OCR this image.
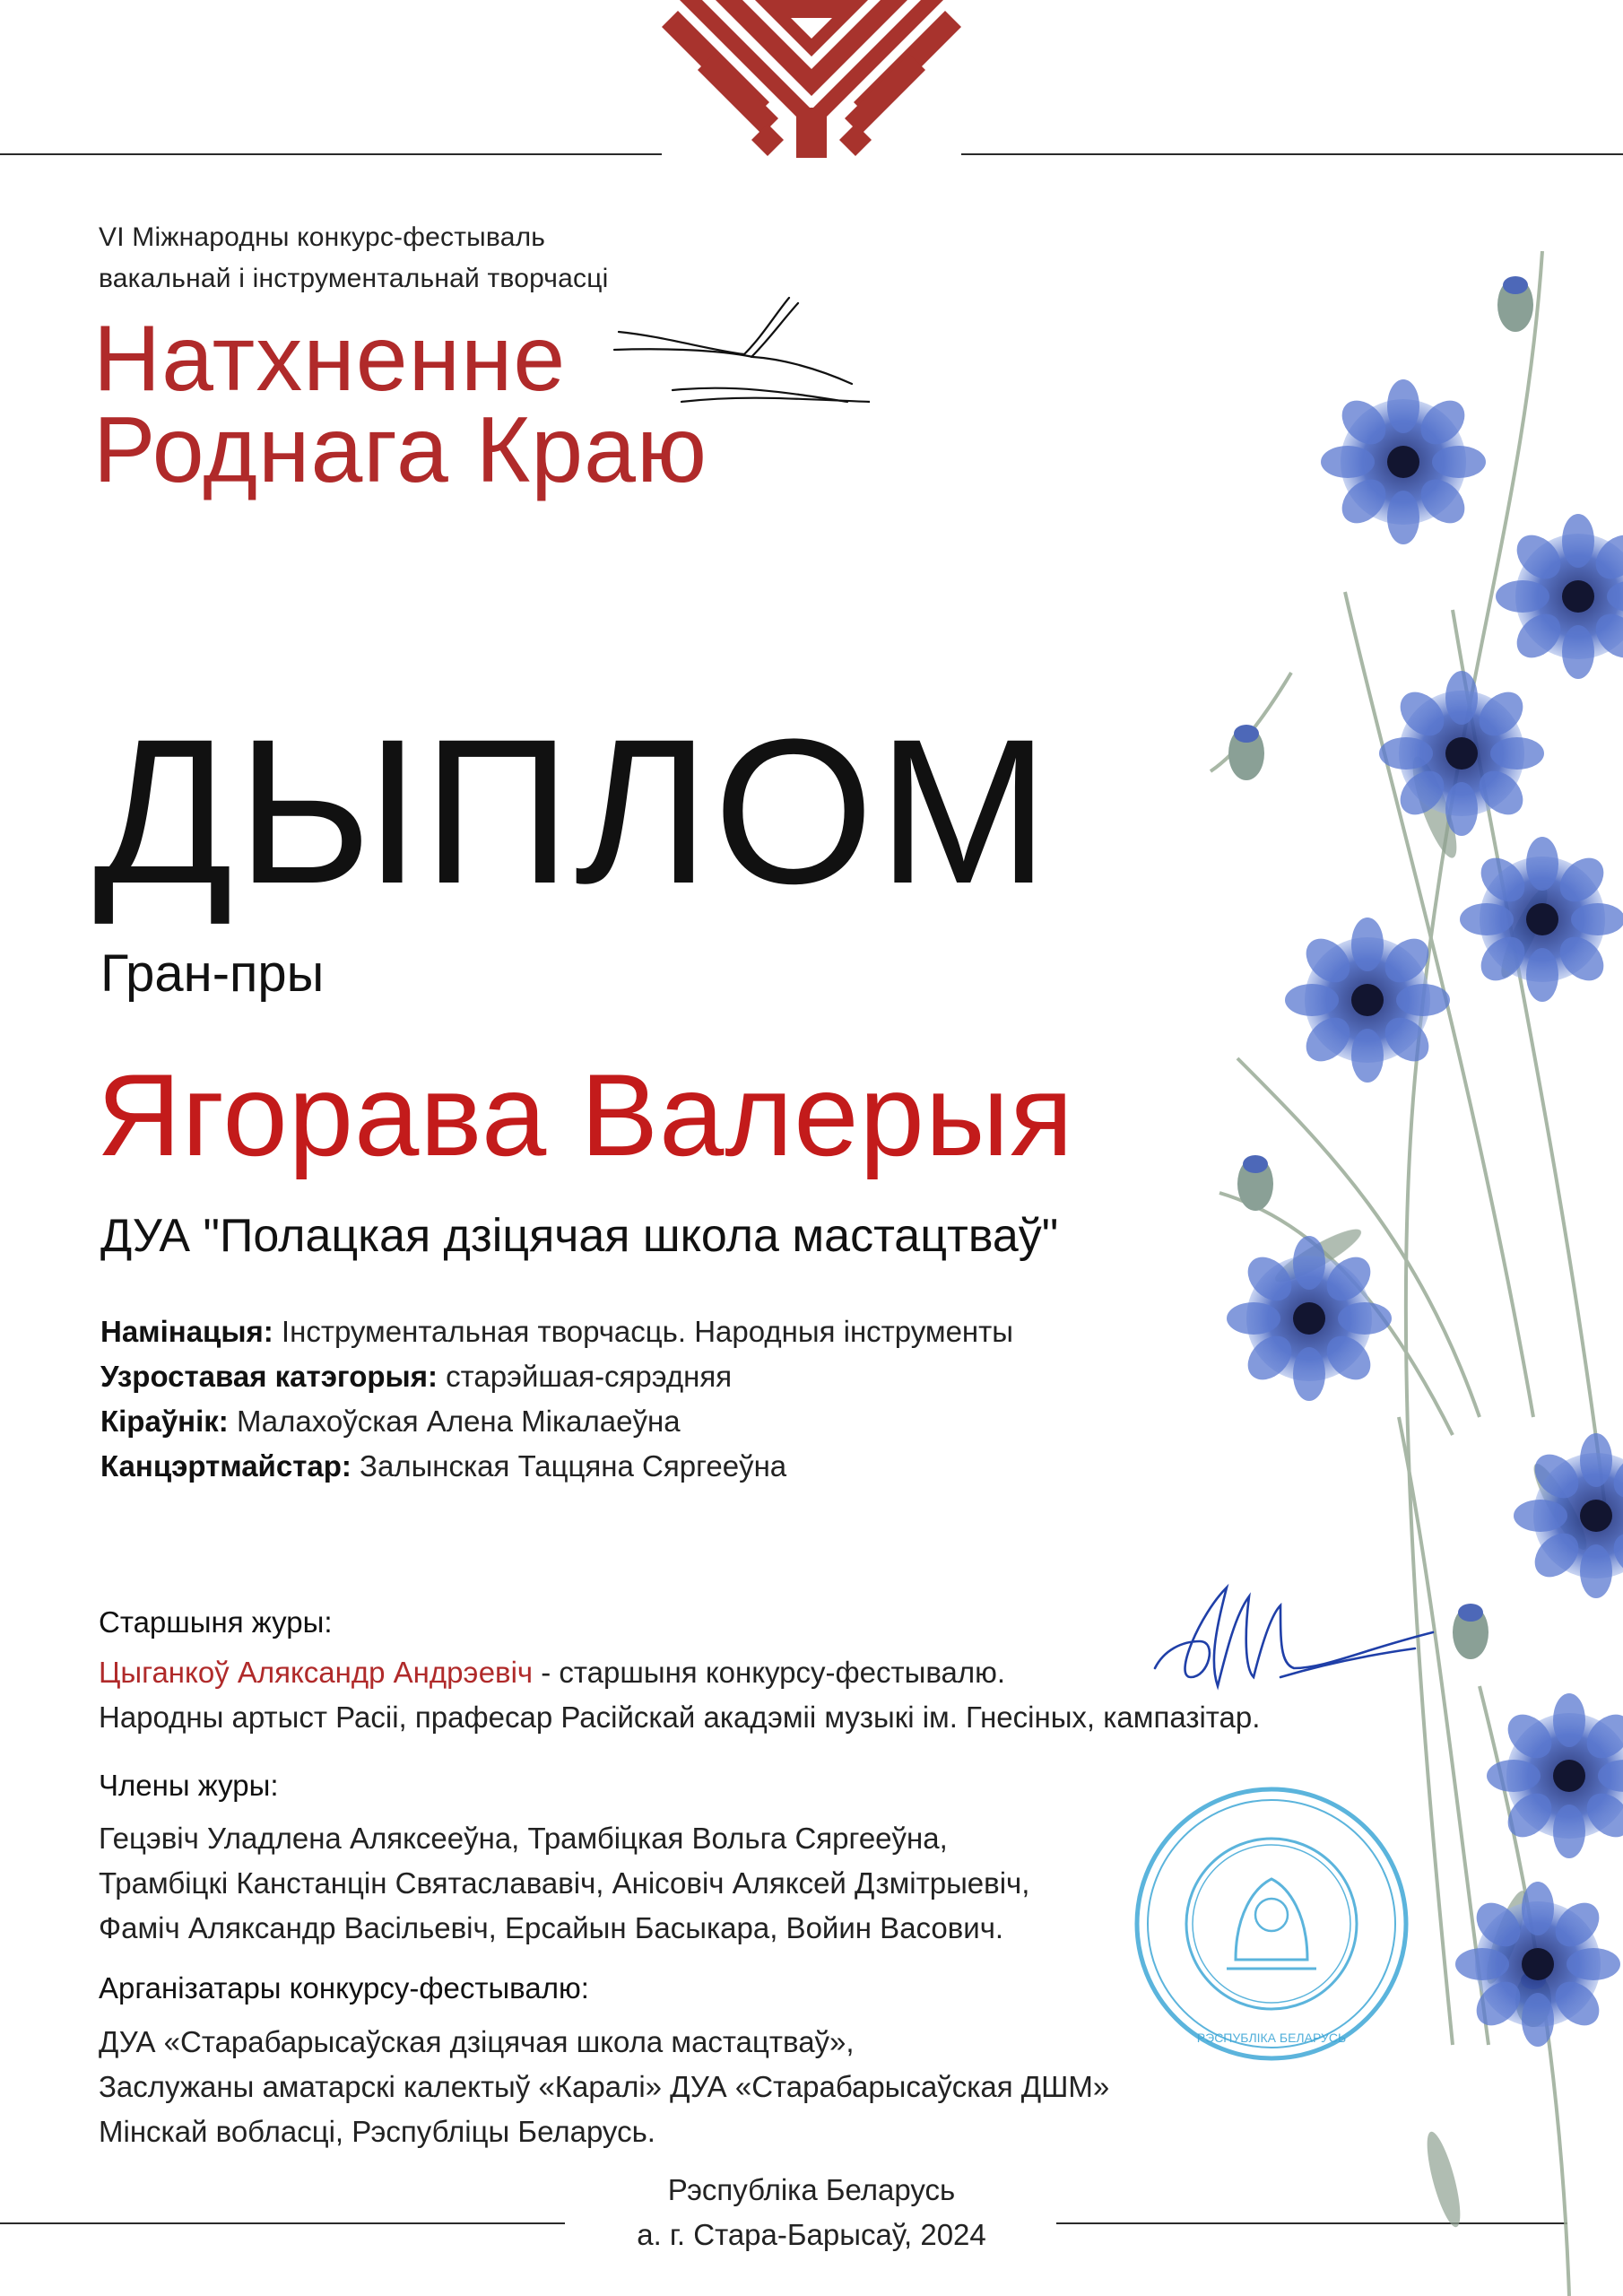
VI Міжнародны конкурс-фестываль
вакальнай і інструментальнай творчасці
Натхненне
Роднага Краю
ДЫПЛОМ
Гран-пры
Ягорава Валерыя
ДУА "Полацкая дзіцячая школа мастацтваў"
Намінацыя: Інструментальная творчасць. Народныя інструменты
Узроставая катэгорыя: старэйшая-сярэдняя
Кіраўнік: Малахоўская Алена Мікалаеўна
Канцэртмайстар: Залынская Таццяна Сяргееўна
Старшыня журы:
Цыганкоў Аляксандр Андрэевіч - старшыня конкурсу-фестывалю.
Народны артыст Расіі, прафесар Расійскай акадэміі музыкі ім. Гнесіных, кампазітар.
Члены журы:
Гецэвіч Уладлена Аляксееўна, Трамбіцкая Вольга Сяргееўна,
Трамбіцкі Канстанцін Святаслававіч, Анісовіч Аляксей Дзмітрыевіч,
Фаміч Аляксандр Васільевіч, Ерсайын Басыкара, Войин Васович.
Арганізатары конкурсу-фестывалю:
ДУА «Старабарысаўская дзіцячая школа мастацтваў»,
Заслужаны аматарскі калектыў «Каралі» ДУА «Старабарысаўская ДШМ»
Мінскай вобласці, Рэспубліцы Беларусь.
Рэспубліка Беларусь
а. г. Стара-Барысаў, 2024
РЭСПУБЛІКА БЕЛАРУСЬ
